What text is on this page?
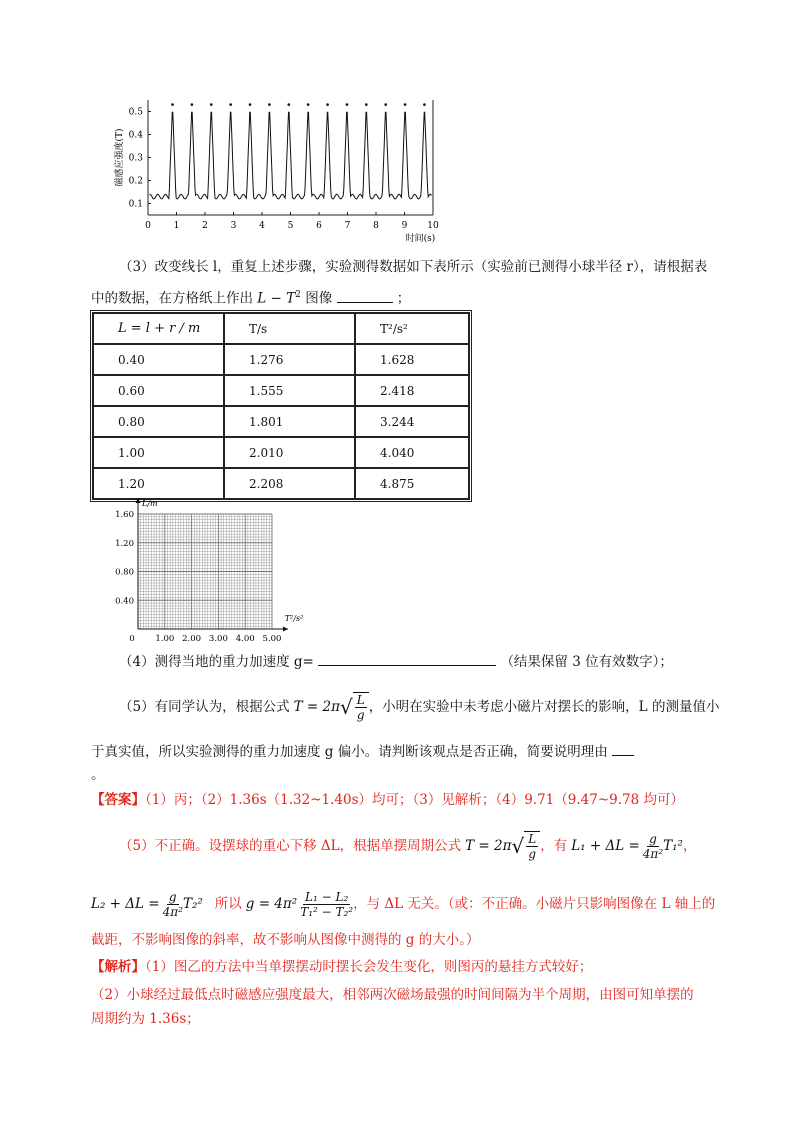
0	1	2	3	4	5	6	7	8	9 10
0.1
0.2
0.3
0.4
0.5
时间(s)
磁感应强度(T)
（3）改变线长 l，重复上述步骤，实验测得数据如下表所示（实验前已测得小球半径 r），请根据表
中的数据，在方格纸上作出 $L - T^2$ 图像	；
L = l + r / m	T/s	T²/s²
0.40	1.276	1.628
0.60	1.555	2.418
0.80	1.801	3.244
1.00	2.010	4.040
1.20	2.208	4.875
0 1.00 2.00 3.00 4.00 5.00
0.40
0.80
1.20
1.60
T²/s²
L/m
（4）测得当地的重力加速度 g=	（结果保留 3 位有效数字）；
（5）有同学认为，根据公式 T = 2π √ $\frac{L}{g}$ ，小明在实验中未考虑小磁片对摆长的影响，L 的测量值小
于真实值，所以实验测得的重力加速度 g 偏小。请判断该观点是否正确，简要说明理由
。
【答案】（1）丙；（2）1.36s（1.32~1.40s）均可；（3）见解析；（4）9.71（9.47~9.78 均可）
（5）不正确。设摆球的重心下移 ΔL，根据单摆周期公式 T = 2π √ $\frac{L}{g}$ ，有 $L_1 + \Delta L = \frac{g}{\text{4π²}} T_1^2$ ，
$L_2 + \Delta L = \frac{g}{\text{4π²}} T_2^2$ 所以 $g = 4\pi^2 \frac{\text{L₁ − L₂}}{\text{T₁² − T₂²}}$ ，与 ΔL 无关。（或：不正确。小磁片只影响图像在 L 轴上的
截距，不影响图像的斜率，故不影响从图像中测得的 g 的大小。）
【解析】（1）图乙的方法中当单摆摆动时摆长会发生变化，则图丙的悬挂方式较好；
（2）小球经过最低点时磁感应强度最大，相邻两次磁场最强的时间间隔为半个周期，由图可知单摆的
周期约为 1.36s；
